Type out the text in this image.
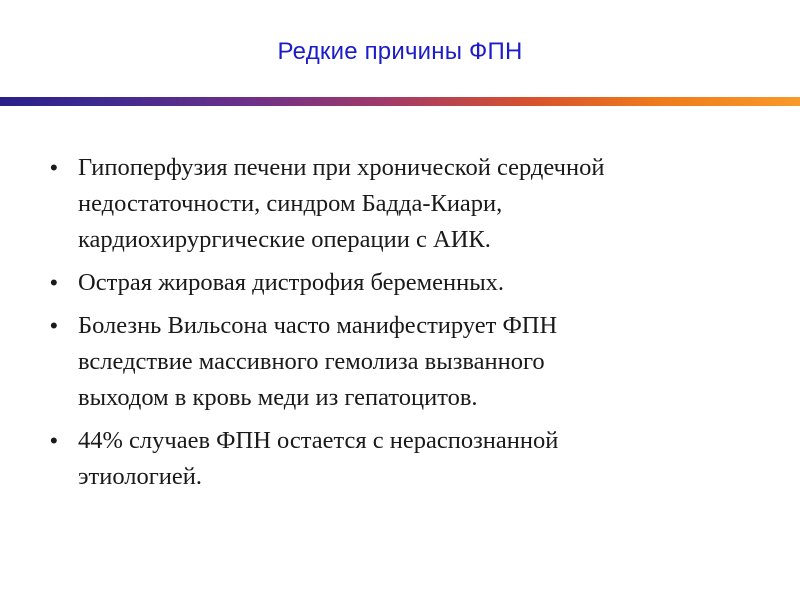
Редкие причины ФПН
• Гипоперфузия печени при хронической сердечной
недостаточности, синдром Бадда-Киари,
кардиохирургические операции с АИК.
• Острая жировая дистрофия беременных.
• Болезнь Вильсона часто манифестирует ФПН
вследствие массивного гемолиза вызванного
выходом в кровь меди из гепатоцитов.
• 44% случаев ФПН остается с нераспознанной
этиологией.
